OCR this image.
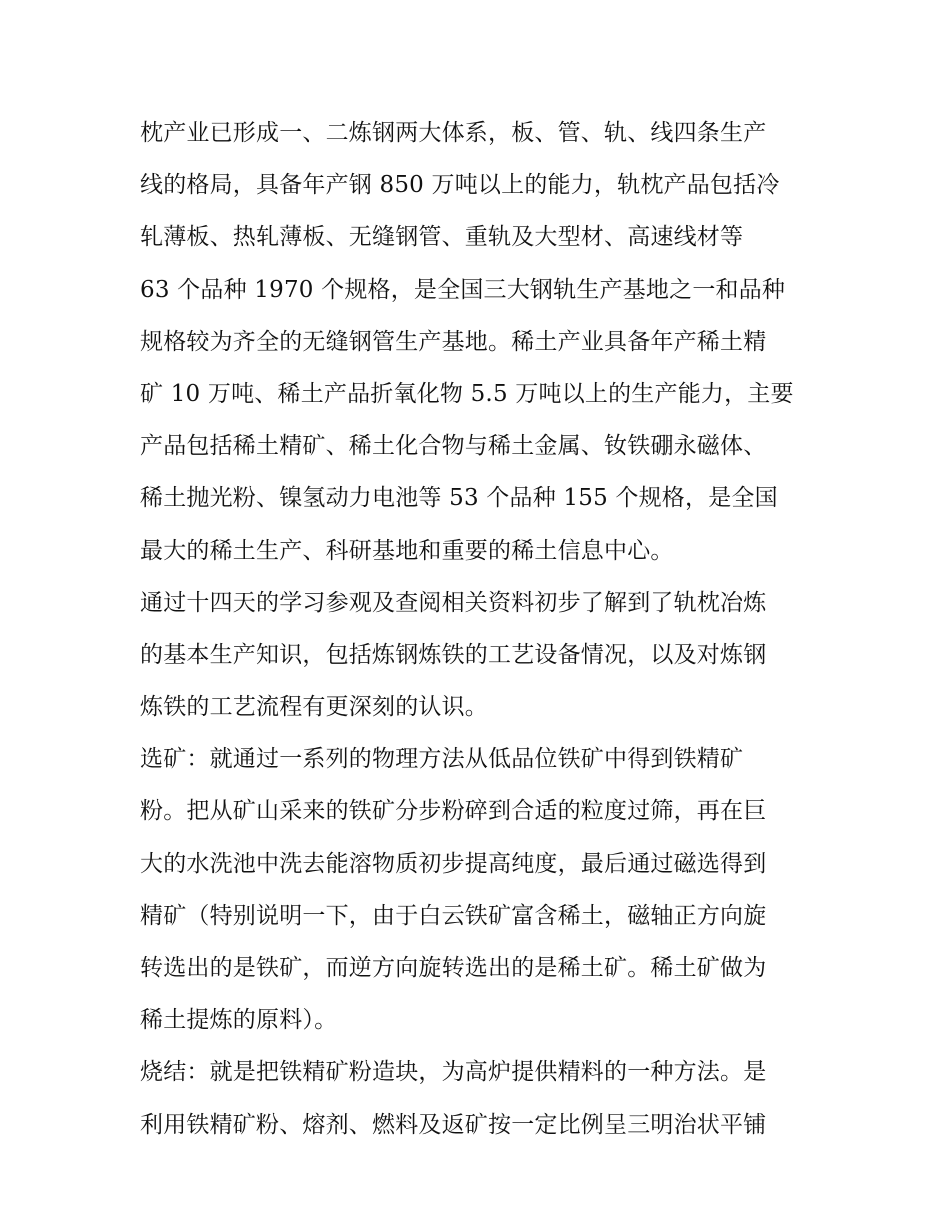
枕产业已形成一、二炼钢两大体系，板、管、轨、线四条生产
线的格局，具备年产钢 850 万吨以上的能力，轨枕产品包括冷
轧薄板、热轧薄板、无缝钢管、重轨及大型材、高速线材等
63 个品种 1970 个规格，是全国三大钢轨生产基地之一和品种
规格较为齐全的无缝钢管生产基地。稀土产业具备年产稀土精
矿 10 万吨、稀土产品折氧化物 5.5 万吨以上的生产能力，主要
产品包括稀土精矿、稀土化合物与稀土金属、钕铁硼永磁体、
稀土抛光粉、镍氢动力电池等 53 个品种 155 个规格，是全国
最大的稀土生产、科研基地和重要的稀土信息中心。
通过十四天的学习参观及查阅相关资料初步了解到了轨枕冶炼
的基本生产知识，包括炼钢炼铁的工艺设备情况，以及对炼钢
炼铁的工艺流程有更深刻的认识。
选矿：就通过一系列的物理方法从低品位铁矿中得到铁精矿
粉。把从矿山采来的铁矿分步粉碎到合适的粒度过筛，再在巨
大的水洗池中洗去能溶物质初步提高纯度，最后通过磁选得到
精矿（特别说明一下，由于白云铁矿富含稀土，磁轴正方向旋
转选出的是铁矿，而逆方向旋转选出的是稀土矿。稀土矿做为
稀土提炼的原料）。
烧结：就是把铁精矿粉造块，为高炉提供精料的一种方法。是
利用铁精矿粉、熔剂、燃料及返矿按一定比例呈三明治状平铺
